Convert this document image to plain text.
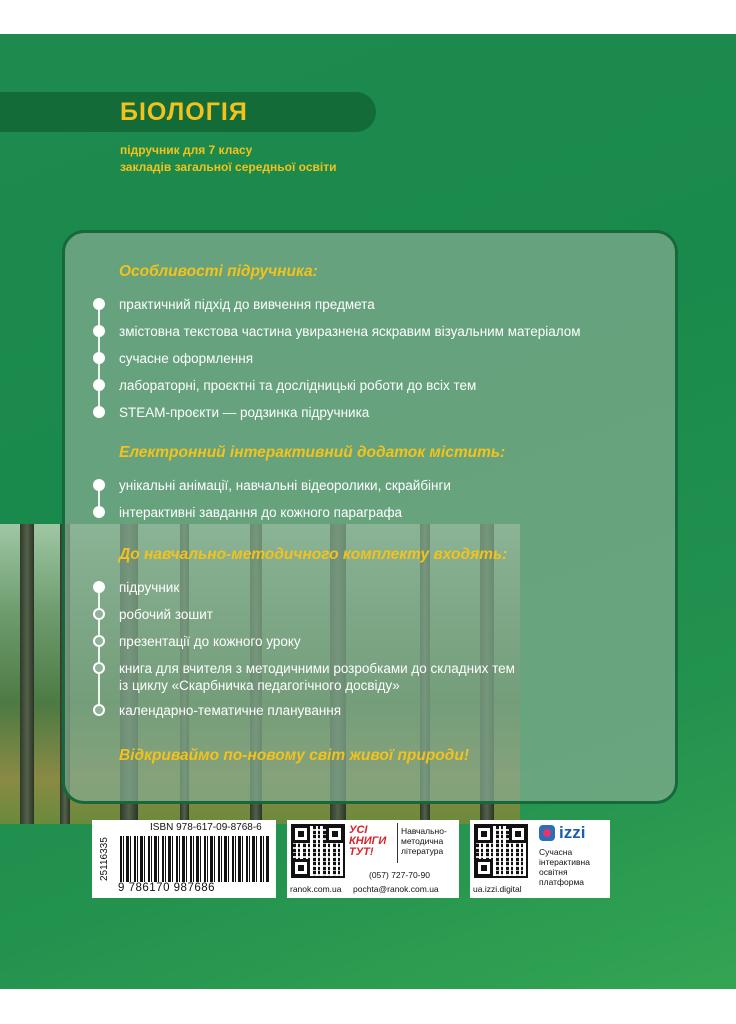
БІОЛОГІЯ
підручник для 7 класу
закладів загальної середньої освіти
Особливості підручника:
практичний підхід до вивчення предмета
змістовна текстова частина увиразнена яскравим візуальним матеріалом
сучасне оформлення
лабораторні, проєктні та дослідницькі роботи до всіх тем
STEAM-проєкти — родзинка підручника
Електронний інтерактивний додаток містить:
унікальні анімації, навчальні відеоролики, скрайбінги
інтерактивні завдання до кожного параграфа
До навчально-методичного комплекту входять:
підручник
робочий зошит
презентації до кожного уроку
книга для вчителя з методичними розробками до складних тем
із циклу «Скарбничка педагогічного досвіду»
календарно-тематичне планування
Відкриваймо по-новому світ живої природи!
25116335
ISBN 978-617-09-8768-6
9 786170 987686
УСІ
КНИГИ
ТУТ!
Навчально-
методична
література
(057) 727-70-90
ranok.com.ua pochta@ranok.com.ua
izzi
Сучасна
інтерактивна
освітня
платформа
ua.izzi.digital
